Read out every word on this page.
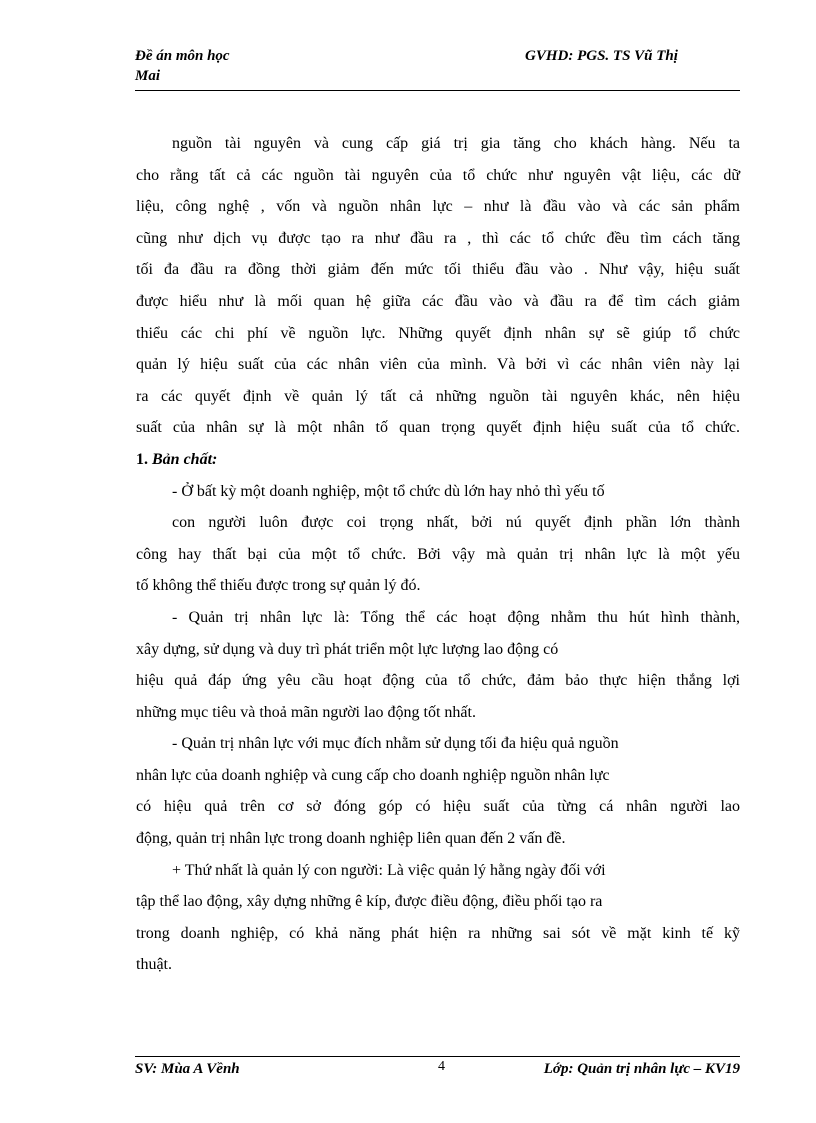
Đề án môn học
Mai
GVHD: PGS. TS Vũ Thị

nguồn tài nguyên và cung cấp giá trị gia tăng cho khách hàng. Nếu ta

cho rằng tất cả các nguồn tài nguyên của tổ chức như nguyên vật liệu, các dữ

liệu, công nghệ , vốn và nguồn nhân lực – như là đầu vào và các sản phẩm

cũng như dịch vụ được tạo ra như đầu ra , thì các tổ chức đều tìm cách tăng

tối đa đầu ra đồng thời giảm đến mức tối thiểu đầu vào . Như vậy, hiệu suất

được hiểu như là mối quan hệ giữa các đầu vào và đầu ra để tìm cách giảm

thiểu các chi phí về nguồn lực. Những quyết định nhân sự sẽ giúp tổ chức

quản lý hiệu suất của các nhân viên của mình. Và bởi vì các nhân viên này lại

ra các quyết định về quản lý tất cả những nguồn tài nguyên khác, nên hiệu

suất của nhân sự là một nhân tố quan trọng quyết định hiệu suất của tổ chức.

1. Bản chất:

- Ở bất kỳ một doanh nghiệp, một tổ chức dù lớn hay nhỏ thì yếu tố

con người luôn được coi trọng nhất, bởi nú quyết định phần lớn thành

công hay thất bại của một tổ chức. Bởi vậy mà quản trị nhân lực là một yếu

tố không thể thiếu được trong sự quản lý đó.

- Quản trị nhân lực là: Tổng thể các hoạt động nhằm thu hút hình thành,

xây dựng, sử dụng và duy trì phát triển một lực lượng lao động có

hiệu quả đáp ứng yêu cầu hoạt động của tổ chức, đảm bảo thực hiện thắng lợi

những mục tiêu và thoả mãn người lao động tốt nhất.

- Quản trị nhân lực với mục đích nhằm sử dụng tối đa hiệu quả nguồn

nhân lực của doanh nghiệp và cung cấp cho doanh nghiệp nguồn nhân lực

có hiệu quả trên cơ sở đóng góp có hiệu suất của từng cá nhân người lao

động, quản trị nhân lực trong doanh nghiệp liên quan đến 2 vấn đề.

+ Thứ nhất là quản lý con người: Là việc quản lý hằng ngày đối với

tập thể lao động, xây dựng những ê kíp, được điều động, điều phối tạo ra

trong doanh nghiệp, có khả năng phát hiện ra những sai sót về mặt kinh tế kỹ

thuật.

SV: Mùa A Vềnh	4	Lớp: Quản trị nhân lực – KV19
